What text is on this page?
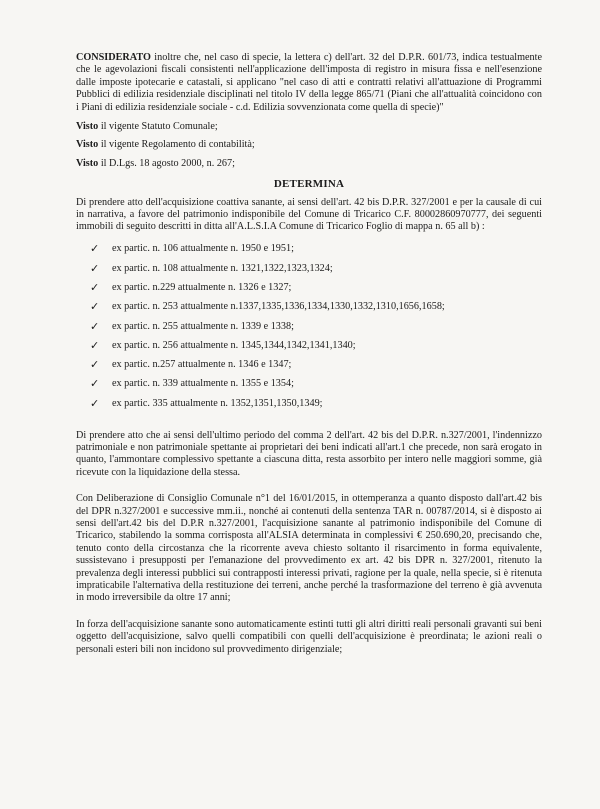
CONSIDERATO inoltre che, nel caso di specie, la lettera c) dell'art. 32 del D.P.R. 601/73, indica testualmente che le agevolazioni fiscali consistenti nell'applicazione dell'imposta di registro in misura fissa e nell'esenzione dalle imposte ipotecarie e catastali, si applicano "nel caso di atti e contratti relativi all'attuazione di Programmi Pubblici di edilizia residenziale disciplinati nel titolo IV della legge 865/71 (Piani che all'attualità coincidono con i Piani di edilizia residenziale sociale - c.d. Edilizia sovvenzionata come quella di specie)"

Visto il vigente Statuto Comunale;

Visto il vigente Regolamento di contabilità;

Visto il D.Lgs. 18 agosto 2000, n. 267;

DETERMINA

Di prendere atto dell'acquisizione coattiva sanante, ai sensi dell'art. 42 bis D.P.R. 327/2001 e per la causale di cui in narrativa, a favore del patrimonio indisponibile del Comune di Tricarico C.F. 80002860970777, dei seguenti immobili di seguito descritti in ditta all'A.L.S.I.A Comune di Tricarico Foglio di mappa n. 65 all b) :

✓	ex partic. n. 106 attualmente n. 1950 e 1951;
✓	ex partic. n. 108 attualmente n. 1321,1322,1323,1324;
✓	ex partic. n.229 attualmente n. 1326 e 1327;
✓	ex partic. n. 253 attualmente n.1337,1335,1336,1334,1330,1332,1310,1656,1658;
✓	ex partic. n. 255 attualmente n. 1339 e 1338;
✓	ex partic. n. 256 attualmente n. 1345,1344,1342,1341,1340;
✓	ex partic. n.257 attualmente n. 1346 e 1347;
✓	ex partic. n. 339 attualmente n. 1355 e 1354;
✓	ex partic. 335 attualmente n. 1352,1351,1350,1349;

Di prendere atto che ai sensi dell'ultimo periodo del comma 2 dell'art. 42 bis del D.P.R. n.327/2001, l'indennizzo patrimoniale e non patrimoniale spettante ai proprietari dei beni indicati all'art.1 che precede, non sarà erogato in quanto, l'ammontare complessivo spettante a ciascuna ditta, resta assorbito per intero nelle maggiori somme, già ricevute con la liquidazione della stessa.

Con Deliberazione di Consiglio Comunale n°1 del 16/01/2015, in ottemperanza a quanto disposto dall'art.42 bis del DPR n.327/2001 e successive mm.ii., nonché ai contenuti della sentenza TAR n. 00787/2014, si è disposto ai sensi dell'art.42 bis del D.P.R n.327/2001, l'acquisizione sanante al patrimonio indisponibile del Comune di Tricarico, stabilendo la somma corrisposta all'ALSIA determinata in complessivi € 250.690,20, precisando che, tenuto conto della circostanza che la ricorrente aveva chiesto soltanto il risarcimento in forma equivalente, sussistevano i presupposti per l'emanazione del provvedimento ex art. 42 bis DPR n. 327/2001, ritenuto la prevalenza degli interessi pubblici sui contrapposti interessi privati, ragione per la quale, nella specie, si è ritenuta impraticabile l'alternativa della restituzione dei terreni, anche perché la trasformazione del terreno è già avvenuta in modo irreversibile da oltre 17 anni;

In forza dell'acquisizione sanante sono automaticamente estinti tutti gli altri diritti reali personali gravanti sui beni oggetto dell'acquisizione, salvo quelli compatibili con quelli dell'acquisizione è preordinata; le azioni reali o personali esteri bili non incidono sul provvedimento dirigenziale;
